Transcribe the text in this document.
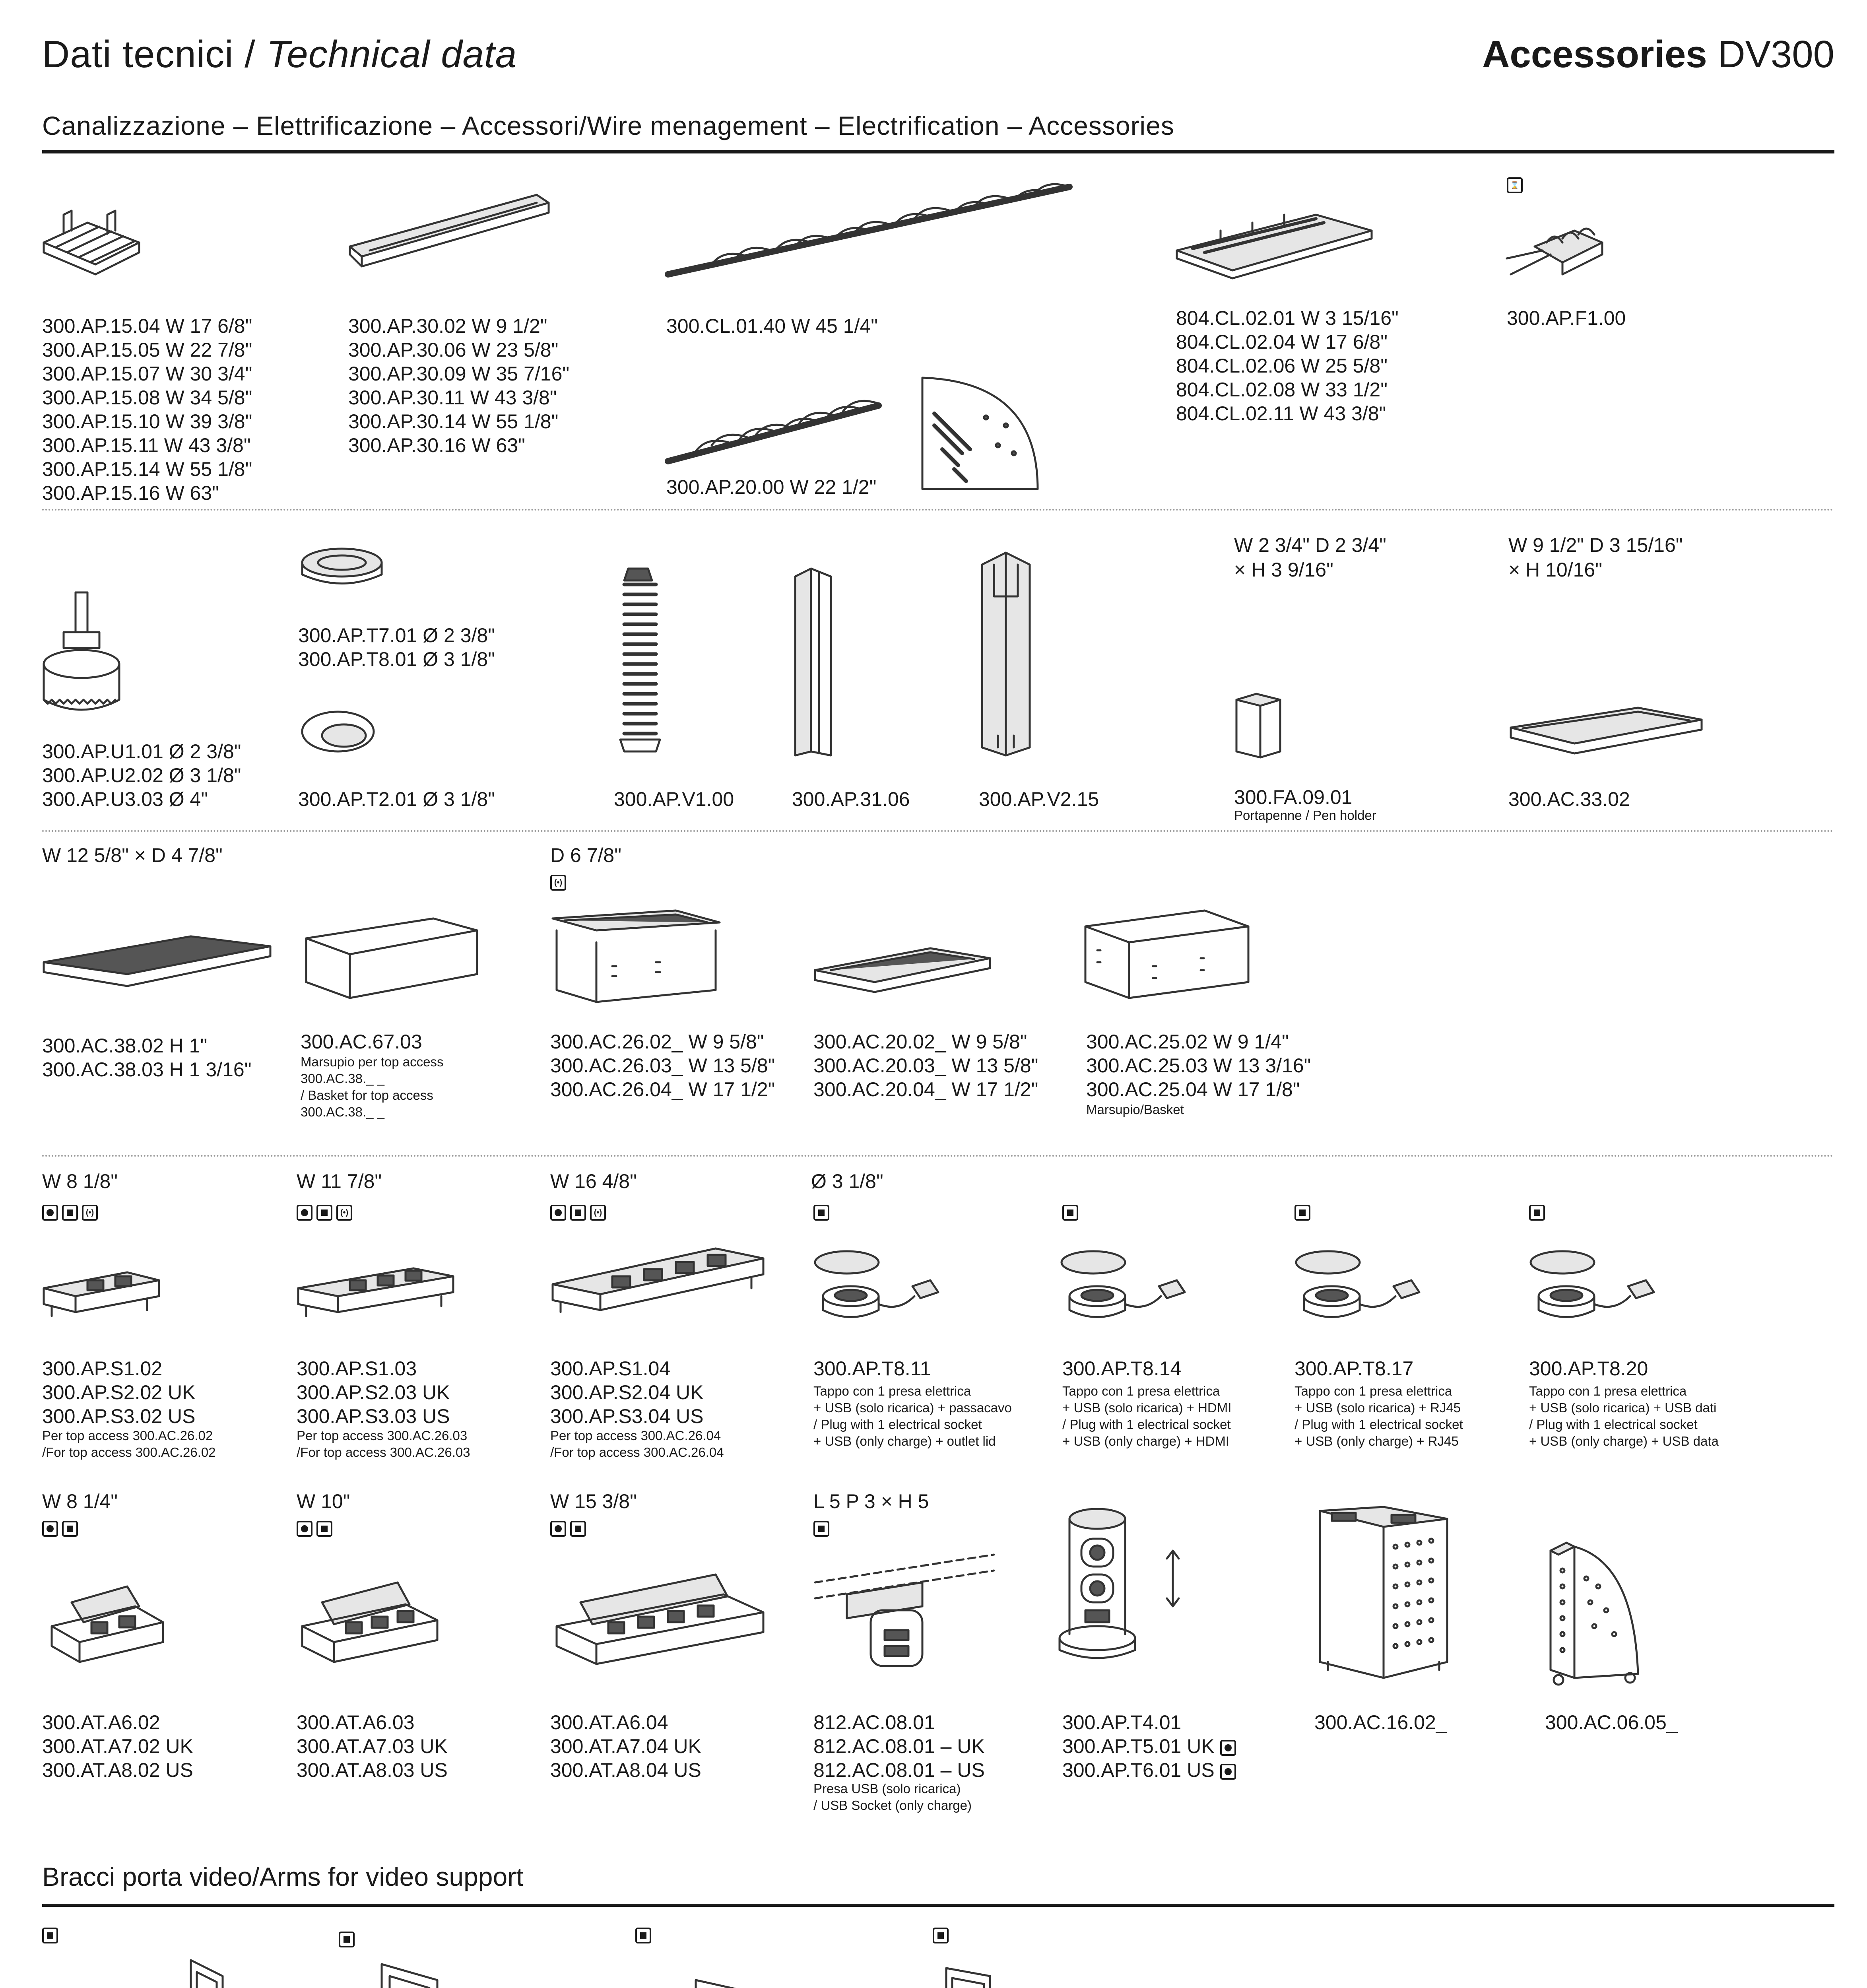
Dati tecnici / Technical data	Accessories DV300
Canalizzazione – Elettrificazione – Accessori/Wire menagement – Electrification – Accessories
300.AP.15.04 W 17 6/8"
300.AP.15.05 W 22 7/8"
300.AP.15.07 W 30 3/4"
300.AP.15.08 W 34 5/8"
300.AP.15.10 W 39 3/8"
300.AP.15.11 W 43 3/8"
300.AP.15.14 W 55 1/8"
300.AP.15.16 W 63"
300.AP.30.02 W 9 1/2"
300.AP.30.06 W 23 5/8"
300.AP.30.09 W 35 7/16"
300.AP.30.11 W 43 3/8"
300.AP.30.14 W 55 1/8"
300.AP.30.16 W 63"
300.CL.01.40 W 45 1/4"
300.AP.20.00 W 22 1/2"
804.CL.02.01 W 3 15/16"
804.CL.02.04 W 17 6/8"
804.CL.02.06 W 25 5/8"
804.CL.02.08 W 33 1/2"
804.CL.02.11 W 43 3/8"
⌛
300.AP.F1.00
300.AP.U1.01 Ø 2 3/8"
300.AP.U2.02 Ø 3 1/8"
300.AP.U3.03 Ø 4"
300.AP.T7.01 Ø 2 3/8"
300.AP.T8.01 Ø 3 1/8"
300.AP.T2.01 Ø 3 1/8"	300.AP.V1.00	300.AP.31.06	300.AP.V2.15
W 2 3/4" D 2 3/4"
× H 3 9/16"
300.FA.09.01
Portapenne / Pen holder
W 9 1/2" D 3 15/16"
× H 10/16"
300.AC.33.02
W 12 5/8" × D 4 7/8"
300.AC.38.02 H 1"
300.AC.38.03 H 1 3/16"
300.AC.67.03
Marsupio per top access
300.AC.38._ _
/ Basket for top access
300.AC.38._ _
D 6 7/8"
(•)
300.AC.26.02_ W 9 5/8"
300.AC.26.03_ W 13 5/8"
300.AC.26.04_ W 17 1/2"
300.AC.20.02_ W 9 5/8"
300.AC.20.03_ W 13 5/8"
300.AC.20.04_ W 17 1/2"
300.AC.25.02 W 9 1/4"
300.AC.25.03 W 13 3/16"
300.AC.25.04 W 17 1/8"
Marsupio/Basket
W 8 1/8"
(•)
300.AP.S1.02
300.AP.S2.02 UK
300.AP.S3.02 US
Per top access 300.AC.26.02
/For top access 300.AC.26.02
W 11 7/8"
(•)
300.AP.S1.03
300.AP.S2.03 UK
300.AP.S3.03 US
Per top access 300.AC.26.03
/For top access 300.AC.26.03
W 16 4/8"
(•)
300.AP.S1.04
300.AP.S2.04 UK
300.AP.S3.04 US
Per top access 300.AC.26.04
/For top access 300.AC.26.04
Ø 3 1/8"
300.AP.T8.11
Tappo con 1 presa elettrica
+ USB (solo ricarica) + passacavo
/ Plug with 1 electrical socket
+ USB (only charge) + outlet lid
300.AP.T8.14
Tappo con 1 presa elettrica
+ USB (solo ricarica) + HDMI
/ Plug with 1 electrical socket
+ USB (only charge) + HDMI
300.AP.T8.17
Tappo con 1 presa elettrica
+ USB (solo ricarica) + RJ45
/ Plug with 1 electrical socket
+ USB (only charge) + RJ45
300.AP.T8.20
Tappo con 1 presa elettrica
+ USB (solo ricarica) + USB dati
/ Plug with 1 electrical socket
+ USB (only charge) + USB data
W 8 1/4"
300.AT.A6.02
300.AT.A7.02 UK
300.AT.A8.02 US
W 10"
300.AT.A6.03
300.AT.A7.03 UK
300.AT.A8.03 US
W 15 3/8"
300.AT.A6.04
300.AT.A7.04 UK
300.AT.A8.04 US
L 5 P 3 × H 5
812.AC.08.01
812.AC.08.01 – UK
812.AC.08.01 – US
Presa USB (solo ricarica)
/ USB Socket (only charge)
300.AP.T4.01
300.AP.T5.01 UK
300.AP.T6.01 US
300.AC.16.02_	300.AC.06.05_
Bracci porta video/Arms for video support
